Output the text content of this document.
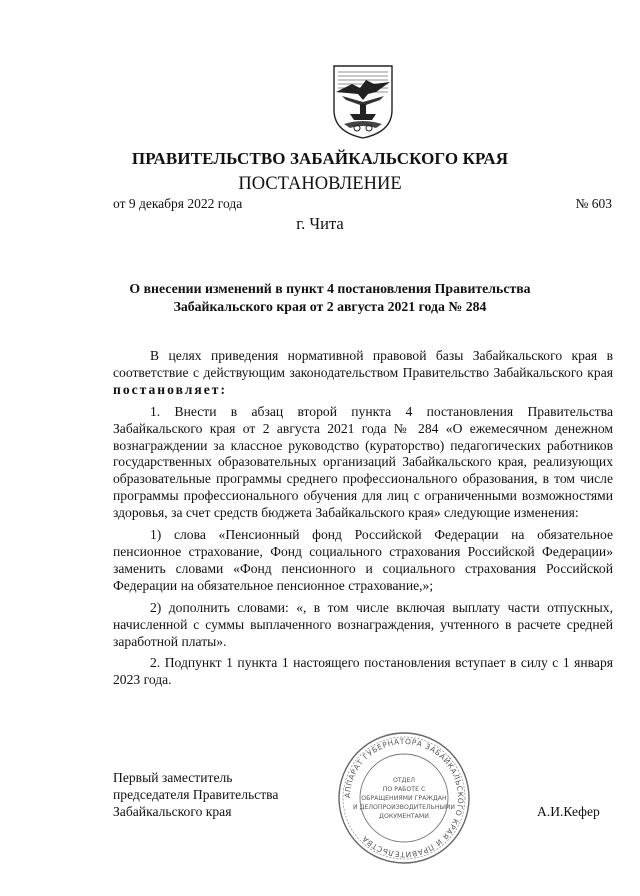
ПРАВИТЕЛЬСТВО ЗАБАЙКАЛЬСКОГО КРАЯ
ПОСТАНОВЛЕНИЕ
от 9 декабря 2022 года	№ 603
г. Чита
О внесении изменений в пункт 4 постановления Правительства Забайкальского края от 2 августа 2021 года № 284

В целях приведения нормативной правовой базы Забайкальского края в соответствие с действующим законодательством Правительство Забайкальского края постановляет:

1. Внести в абзац второй пункта 4 постановления Правительства Забайкальского края от 2 августа 2021 года № 284 «О ежемесячном денежном вознаграждении за классное руководство (кураторство) педагогических работников государственных образовательных организаций Забайкальского края, реализующих образовательные программы среднего профессионального образования, в том числе программы профессионального обучения для лиц с ограниченными возможностями здоровья, за счет средств бюджета Забайкальского края» следующие изменения:

1) слова «Пенсионный фонд Российской Федерации на обязательное пенсионное страхование, Фонд социального страхования Российской Федерации» заменить словами «Фонд пенсионного и социального страхования Российской Федерации на обязательное пенсионное страхование,»;

2) дополнить словами: «, в том числе включая выплату части отпускных, начисленной с суммы выплаченного вознаграждения, учтенного в расчете средней заработной платы».

2. Подпункт 1 пункта 1 настоящего постановления вступает в силу с 1 января 2023 года.

Первый заместитель
председателя Правительства
Забайкальского края
АППАРАТ ГУБЕРНАТОРА ЗАБАЙКАЛЬСКОГО КРАЯ И ПРАВИТЕЛЬСТВА
ОТДЕЛ
ПО РАБОТЕ С
ОБРАЩЕНИЯМИ ГРАЖДАН
И ДЕЛОПРОИЗВОДИТЕЛЬНЫМИ
ДОКУМЕНТАМИ	А.И.Кефер
